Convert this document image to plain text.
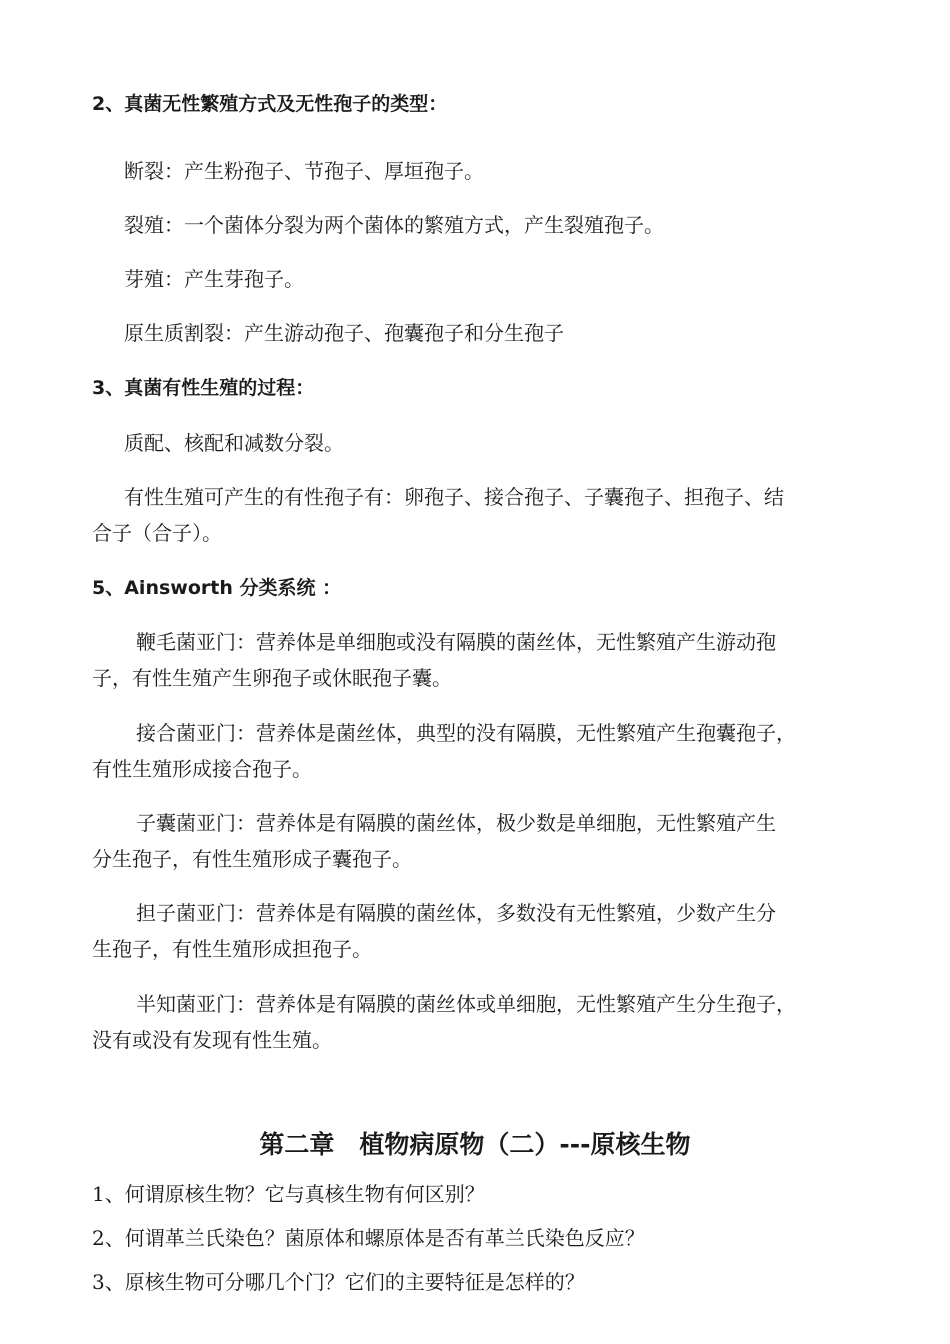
2、真菌无性繁殖方式及无性孢子的类型：
断裂：产生粉孢子、节孢子、厚垣孢子。
裂殖：一个菌体分裂为两个菌体的繁殖方式，产生裂殖孢子。
芽殖：产生芽孢子。
原生质割裂：产生游动孢子、孢囊孢子和分生孢子
3、真菌有性生殖的过程：
质配、核配和减数分裂。
有性生殖可产生的有性孢子有：卵孢子、接合孢子、子囊孢子、担孢子、结
合子（合子）。
5、Ainsworth 分类系统 ：
鞭毛菌亚门：营养体是单细胞或没有隔膜的菌丝体，无性繁殖产生游动孢
子，有性生殖产生卵孢子或休眠孢子囊。
接合菌亚门：营养体是菌丝体，典型的没有隔膜，无性繁殖产生孢囊孢子，
有性生殖形成接合孢子。
子囊菌亚门：营养体是有隔膜的菌丝体，极少数是单细胞，无性繁殖产生
分生孢子，有性生殖形成子囊孢子。
担子菌亚门：营养体是有隔膜的菌丝体，多数没有无性繁殖，少数产生分
生孢子，有性生殖形成担孢子。
半知菌亚门：营养体是有隔膜的菌丝体或单细胞，无性繁殖产生分生孢子，
没有或没有发现有性生殖。
第二章　植物病原物（二）---原核生物
1、何谓原核生物？它与真核生物有何区别？
2、何谓革兰氏染色？菌原体和螺原体是否有革兰氏染色反应？
3、原核生物可分哪几个门？它们的主要特征是怎样的？
